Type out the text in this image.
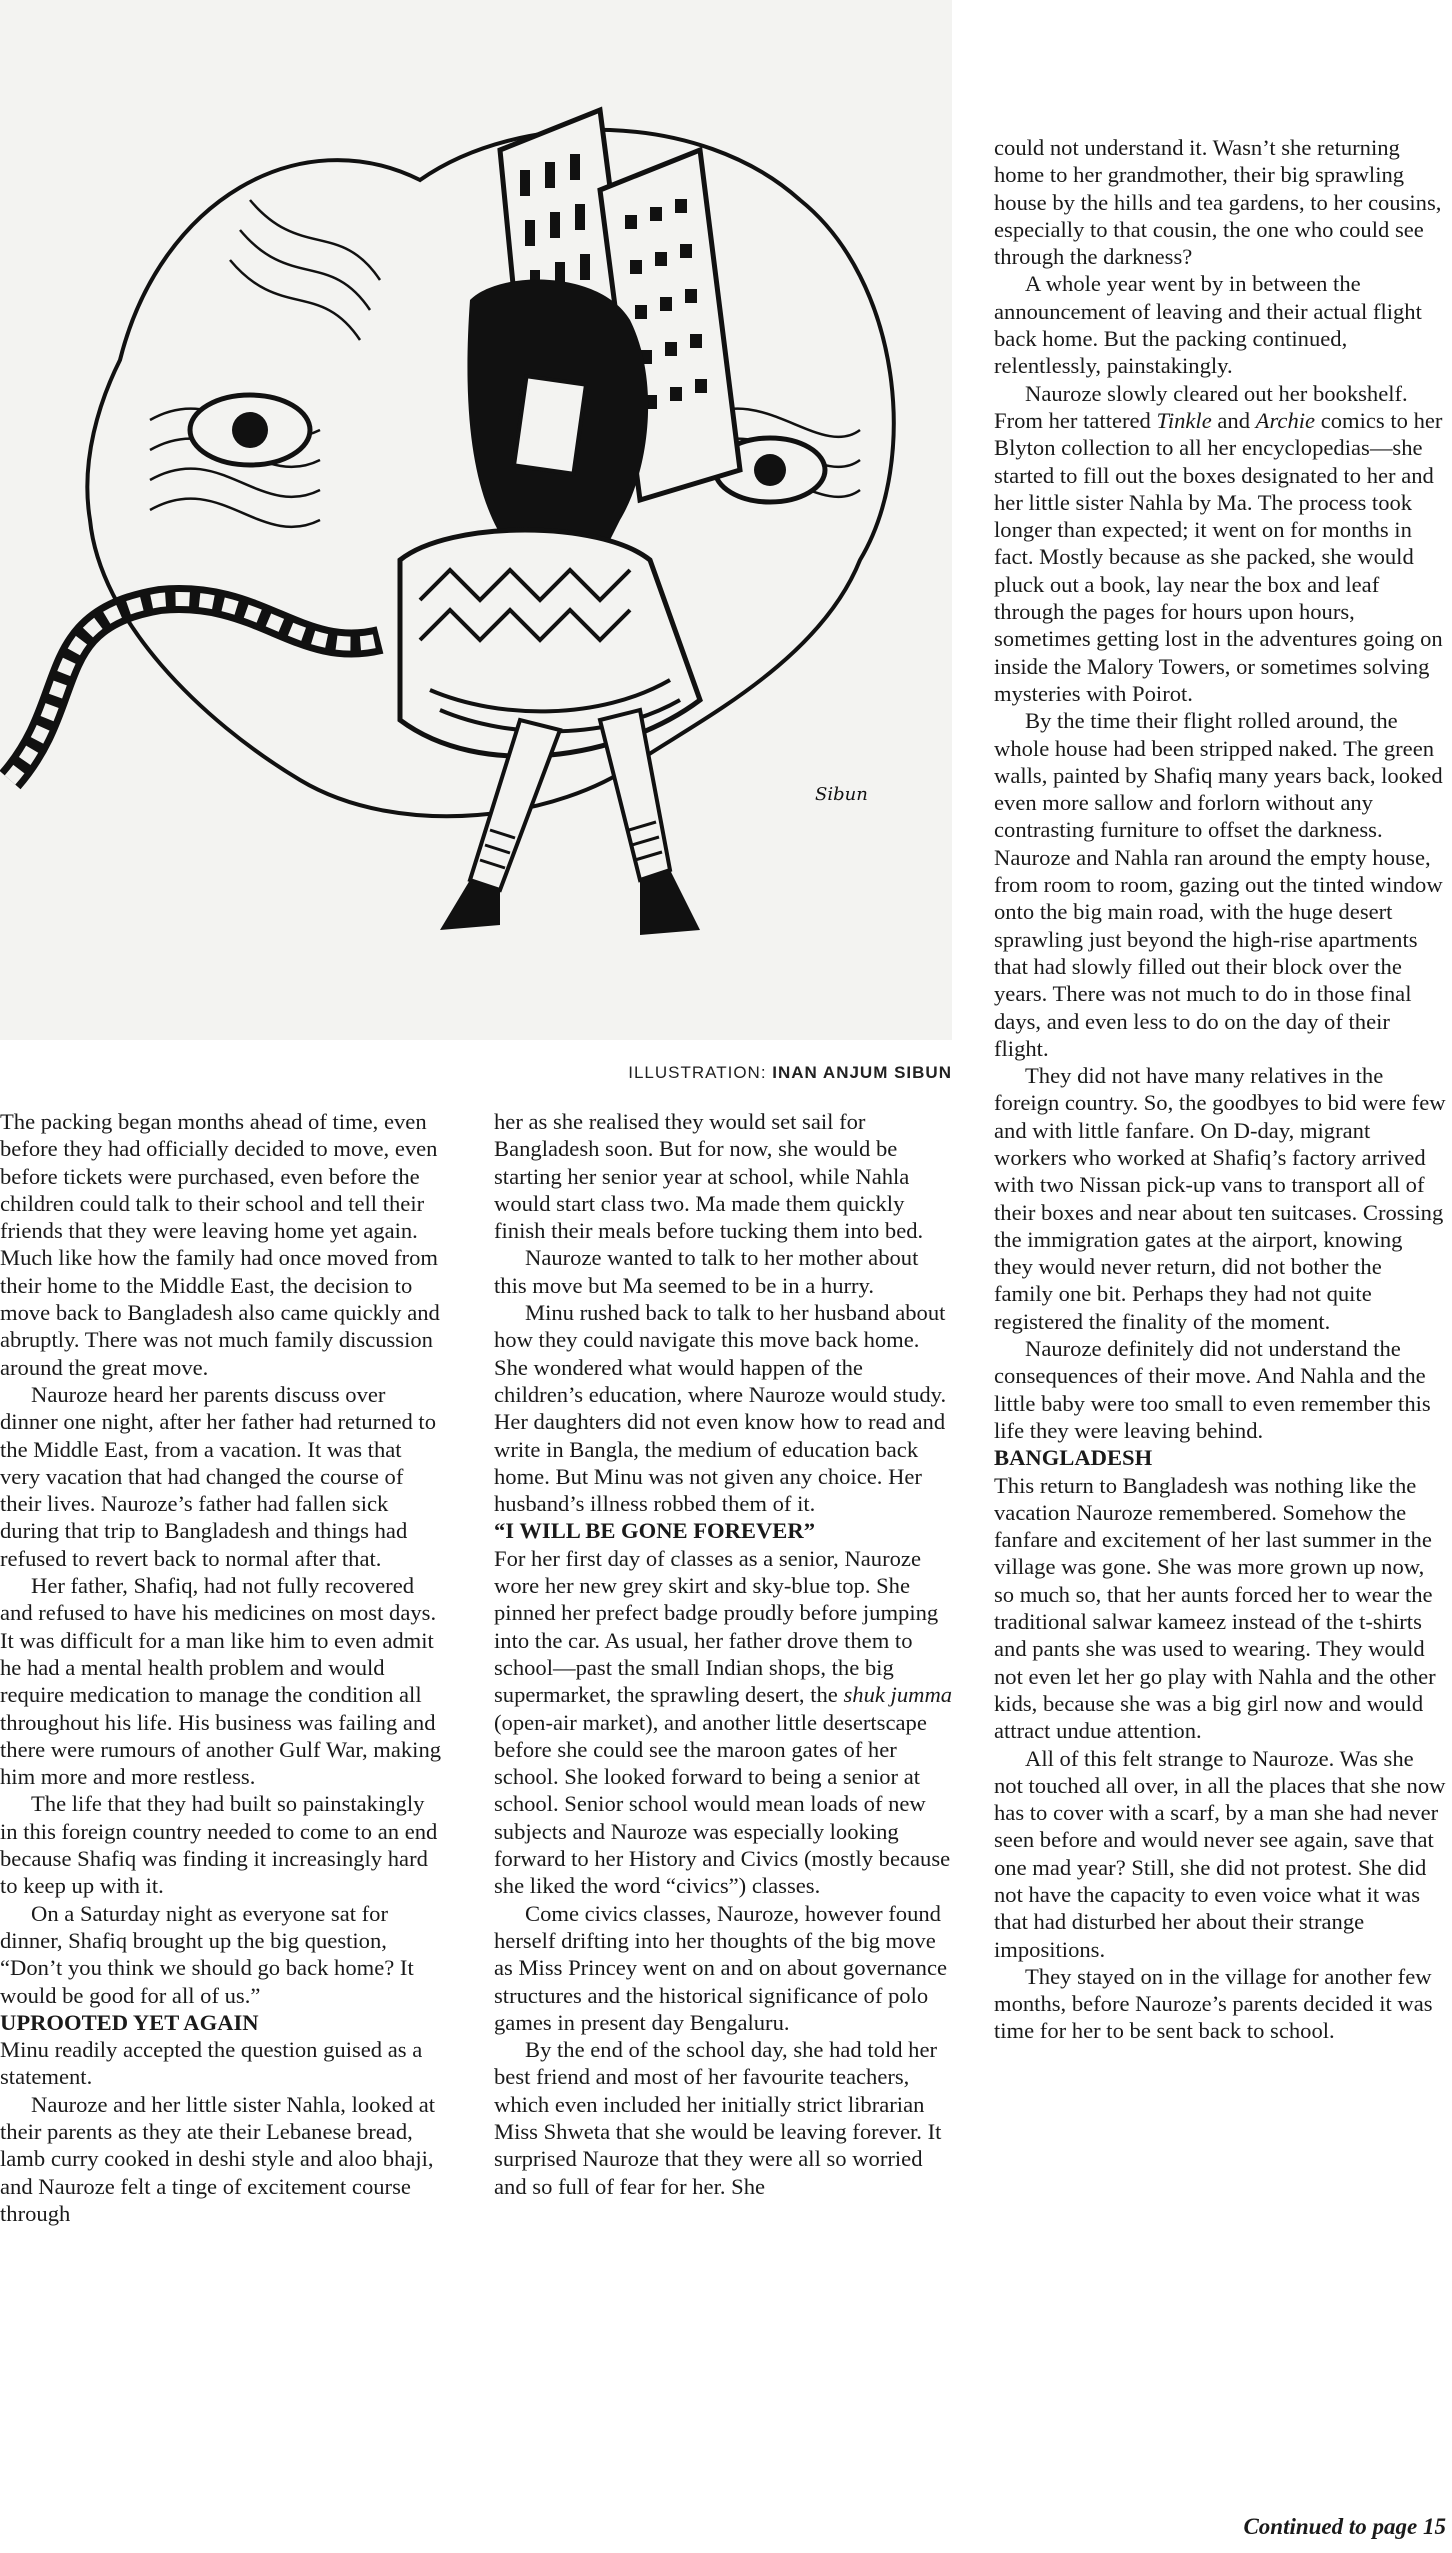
Sibun
ILLUSTRATION: INAN ANJUM SIBUN

The packing began months ahead of time, even before they had officially decided to move, even before tickets were purchased, even before the children could talk to their school and tell their friends that they were leaving home yet again. Much like how the family had once moved from their home to the Middle East, the decision to move back to Bangladesh also came quickly and abruptly. There was not much family discussion around the great move.

Nauroze heard her parents discuss over dinner one night, after her father had returned to the Middle East, from a vacation. It was that very vacation that had changed the course of their lives. Nauroze’s father had fallen sick during that trip to Bangladesh and things had refused to revert back to normal after that.

Her father, Shafiq, had not fully recovered and refused to have his medicines on most days. It was difficult for a man like him to even admit he had a mental health problem and would require medication to manage the condition all throughout his life. His business was failing and there were rumours of another Gulf War, making him more and more restless.

The life that they had built so painstakingly in this foreign country needed to come to an end because Shafiq was finding it increasingly hard to keep up with it.

On a Saturday night as everyone sat for dinner, Shafiq brought up the big question, “Don’t you think we should go back home? It would be good for all of us.”

UPROOTED YET AGAIN

Minu readily accepted the question guised as a statement.

Nauroze and her little sister Nahla, looked at their parents as they ate their Lebanese bread, lamb curry cooked in deshi style and aloo bhaji, and Nauroze felt a tinge of excitement course through

her as she realised they would set sail for Bangladesh soon. But for now, she would be starting her senior year at school, while Nahla would start class two. Ma made them quickly finish their meals before tucking them into bed.

Nauroze wanted to talk to her mother about this move but Ma seemed to be in a hurry.

Minu rushed back to talk to her husband about how they could navigate this move back home. She wondered what would happen of the children’s education, where Nauroze would study. Her daughters did not even know how to read and write in Bangla, the medium of education back home. But Minu was not given any choice. Her husband’s illness robbed them of it.

“I WILL BE GONE FOREVER”

For her first day of classes as a senior, Nauroze wore her new grey skirt and sky-blue top. She pinned her prefect badge proudly before jumping into the car. As usual, her father drove them to school—past the small Indian shops, the big supermarket, the sprawling desert, the shuk jumma (open-air market), and another little desertscape before she could see the maroon gates of her school. She looked forward to being a senior at school. Senior school would mean loads of new subjects and Nauroze was especially looking forward to her History and Civics (mostly because she liked the word “civics”) classes.

Come civics classes, Nauroze, however found herself drifting into her thoughts of the big move as Miss Princey went on and on about governance structures and the historical significance of polo games in present day Bengaluru.

By the end of the school day, she had told her best friend and most of her favourite teachers, which even included her initially strict librarian Miss Shweta that she would be leaving forever. It surprised Nauroze that they were all so worried and so full of fear for her. She

could not understand it. Wasn’t she returning home to her grandmother, their big sprawling house by the hills and tea gardens, to her cousins, especially to that cousin, the one who could see through the darkness?

A whole year went by in between the announcement of leaving and their actual flight back home. But the packing continued, relentlessly, painstakingly.

Nauroze slowly cleared out her bookshelf. From her tattered Tinkle and Archie comics to her Blyton collection to all her encyclopedias—she started to fill out the boxes designated to her and her little sister Nahla by Ma. The process took longer than expected; it went on for months in fact. Mostly because as she packed, she would pluck out a book, lay near the box and leaf through the pages for hours upon hours, sometimes getting lost in the adventures going on inside the Malory Towers, or sometimes solving mysteries with Poirot.

By the time their flight rolled around, the whole house had been stripped naked. The green walls, painted by Shafiq many years back, looked even more sallow and forlorn without any contrasting furniture to offset the darkness. Nauroze and Nahla ran around the empty house, from room to room, gazing out the tinted window onto the big main road, with the huge desert sprawling just beyond the high-rise apartments that had slowly filled out their block over the years. There was not much to do in those final days, and even less to do on the day of their flight.

They did not have many relatives in the foreign country. So, the goodbyes to bid were few and with little fanfare. On D-day, migrant workers who worked at Shafiq’s factory arrived with two Nissan pick-up vans to transport all of their boxes and near about ten suitcases. Crossing the immigration gates at the airport, knowing they would never return, did not bother the family one bit. Perhaps they had not quite registered the finality of the moment.

Nauroze definitely did not understand the consequences of their move. And Nahla and the little baby were too small to even remember this life they were leaving behind.

BANGLADESH

This return to Bangladesh was nothing like the vacation Nauroze remembered. Somehow the fanfare and excitement of her last summer in the village was gone. She was more grown up now, so much so, that her aunts forced her to wear the traditional salwar kameez instead of the t-shirts and pants she was used to wearing. They would not even let her go play with Nahla and the other kids, because she was a big girl now and would attract undue attention.

All of this felt strange to Nauroze. Was she not touched all over, in all the places that she now has to cover with a scarf, by a man she had never seen before and would never see again, save that one mad year? Still, she did not protest. She did not have the capacity to even voice what it was that had disturbed her about their strange impositions.

They stayed on in the village for another few months, before Nauroze’s parents decided it was time for her to be sent back to school.

Continued to page 15
